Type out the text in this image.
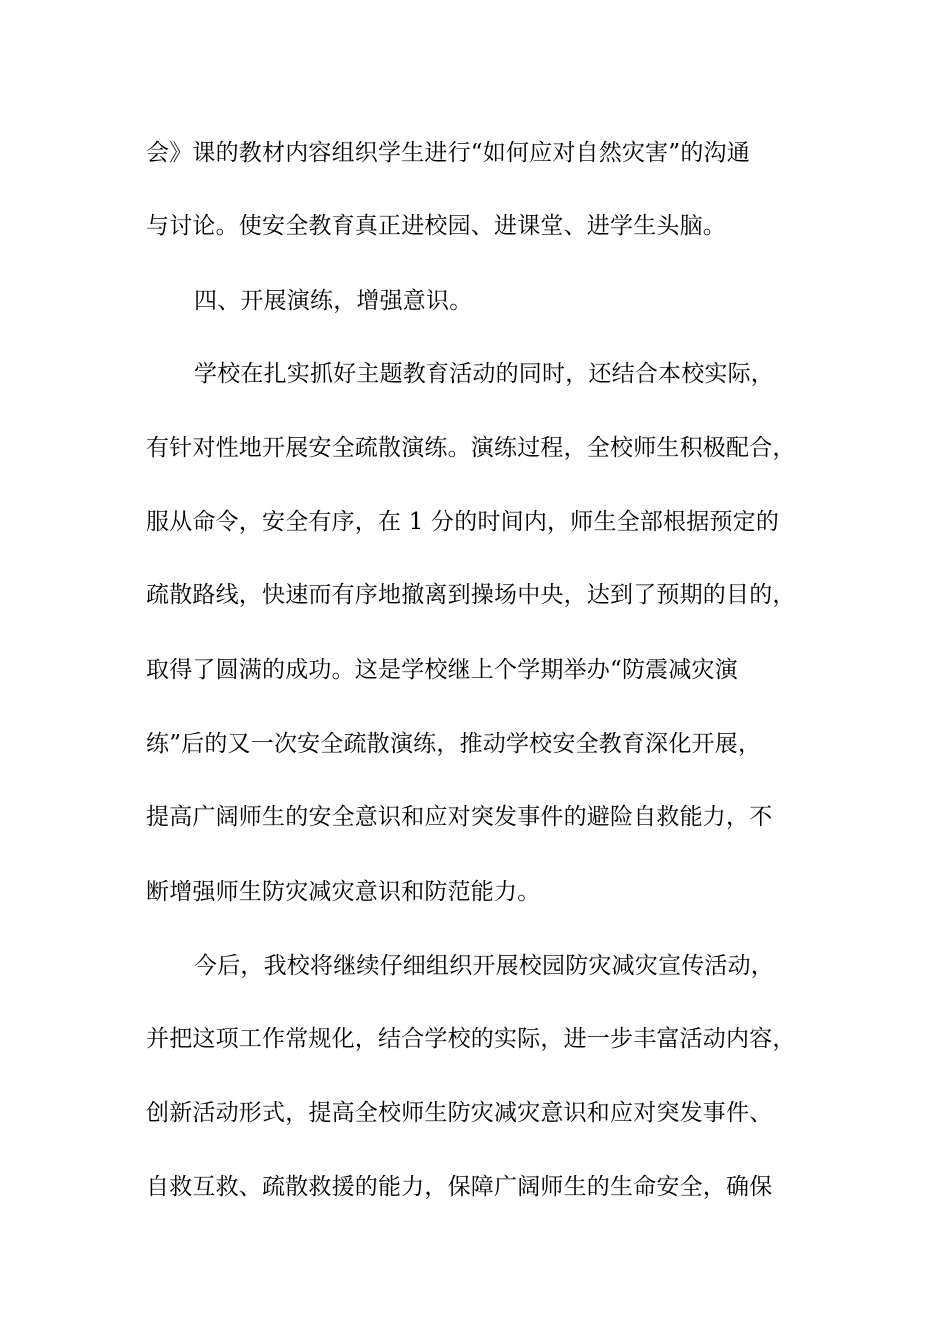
会》课的教材内容组织学生进行“如何应对自然灾害”的沟通
与讨论。使安全教育真正进校园、进课堂、进学生头脑。
四、开展演练，增强意识。
学校在扎实抓好主题教育活动的同时，还结合本校实际，
有针对性地开展安全疏散演练。演练过程，全校师生积极配合，
服从命令，安全有序，在 1 分的时间内，师生全部根据预定的
疏散路线，快速而有序地撤离到操场中央，达到了预期的目的，
取得了圆满的成功。这是学校继上个学期举办“防震减灾演
练”后的又一次安全疏散演练，推动学校安全教育深化开展，
提高广阔师生的安全意识和应对突发事件的避险自救能力，不
断增强师生防灾减灾意识和防范能力。
今后，我校将继续仔细组织开展校园防灾减灾宣传活动，
并把这项工作常规化，结合学校的实际，进一步丰富活动内容，
创新活动形式，提高全校师生防灾减灾意识和应对突发事件、
自救互救、疏散救援的能力，保障广阔师生的生命安全，确保
